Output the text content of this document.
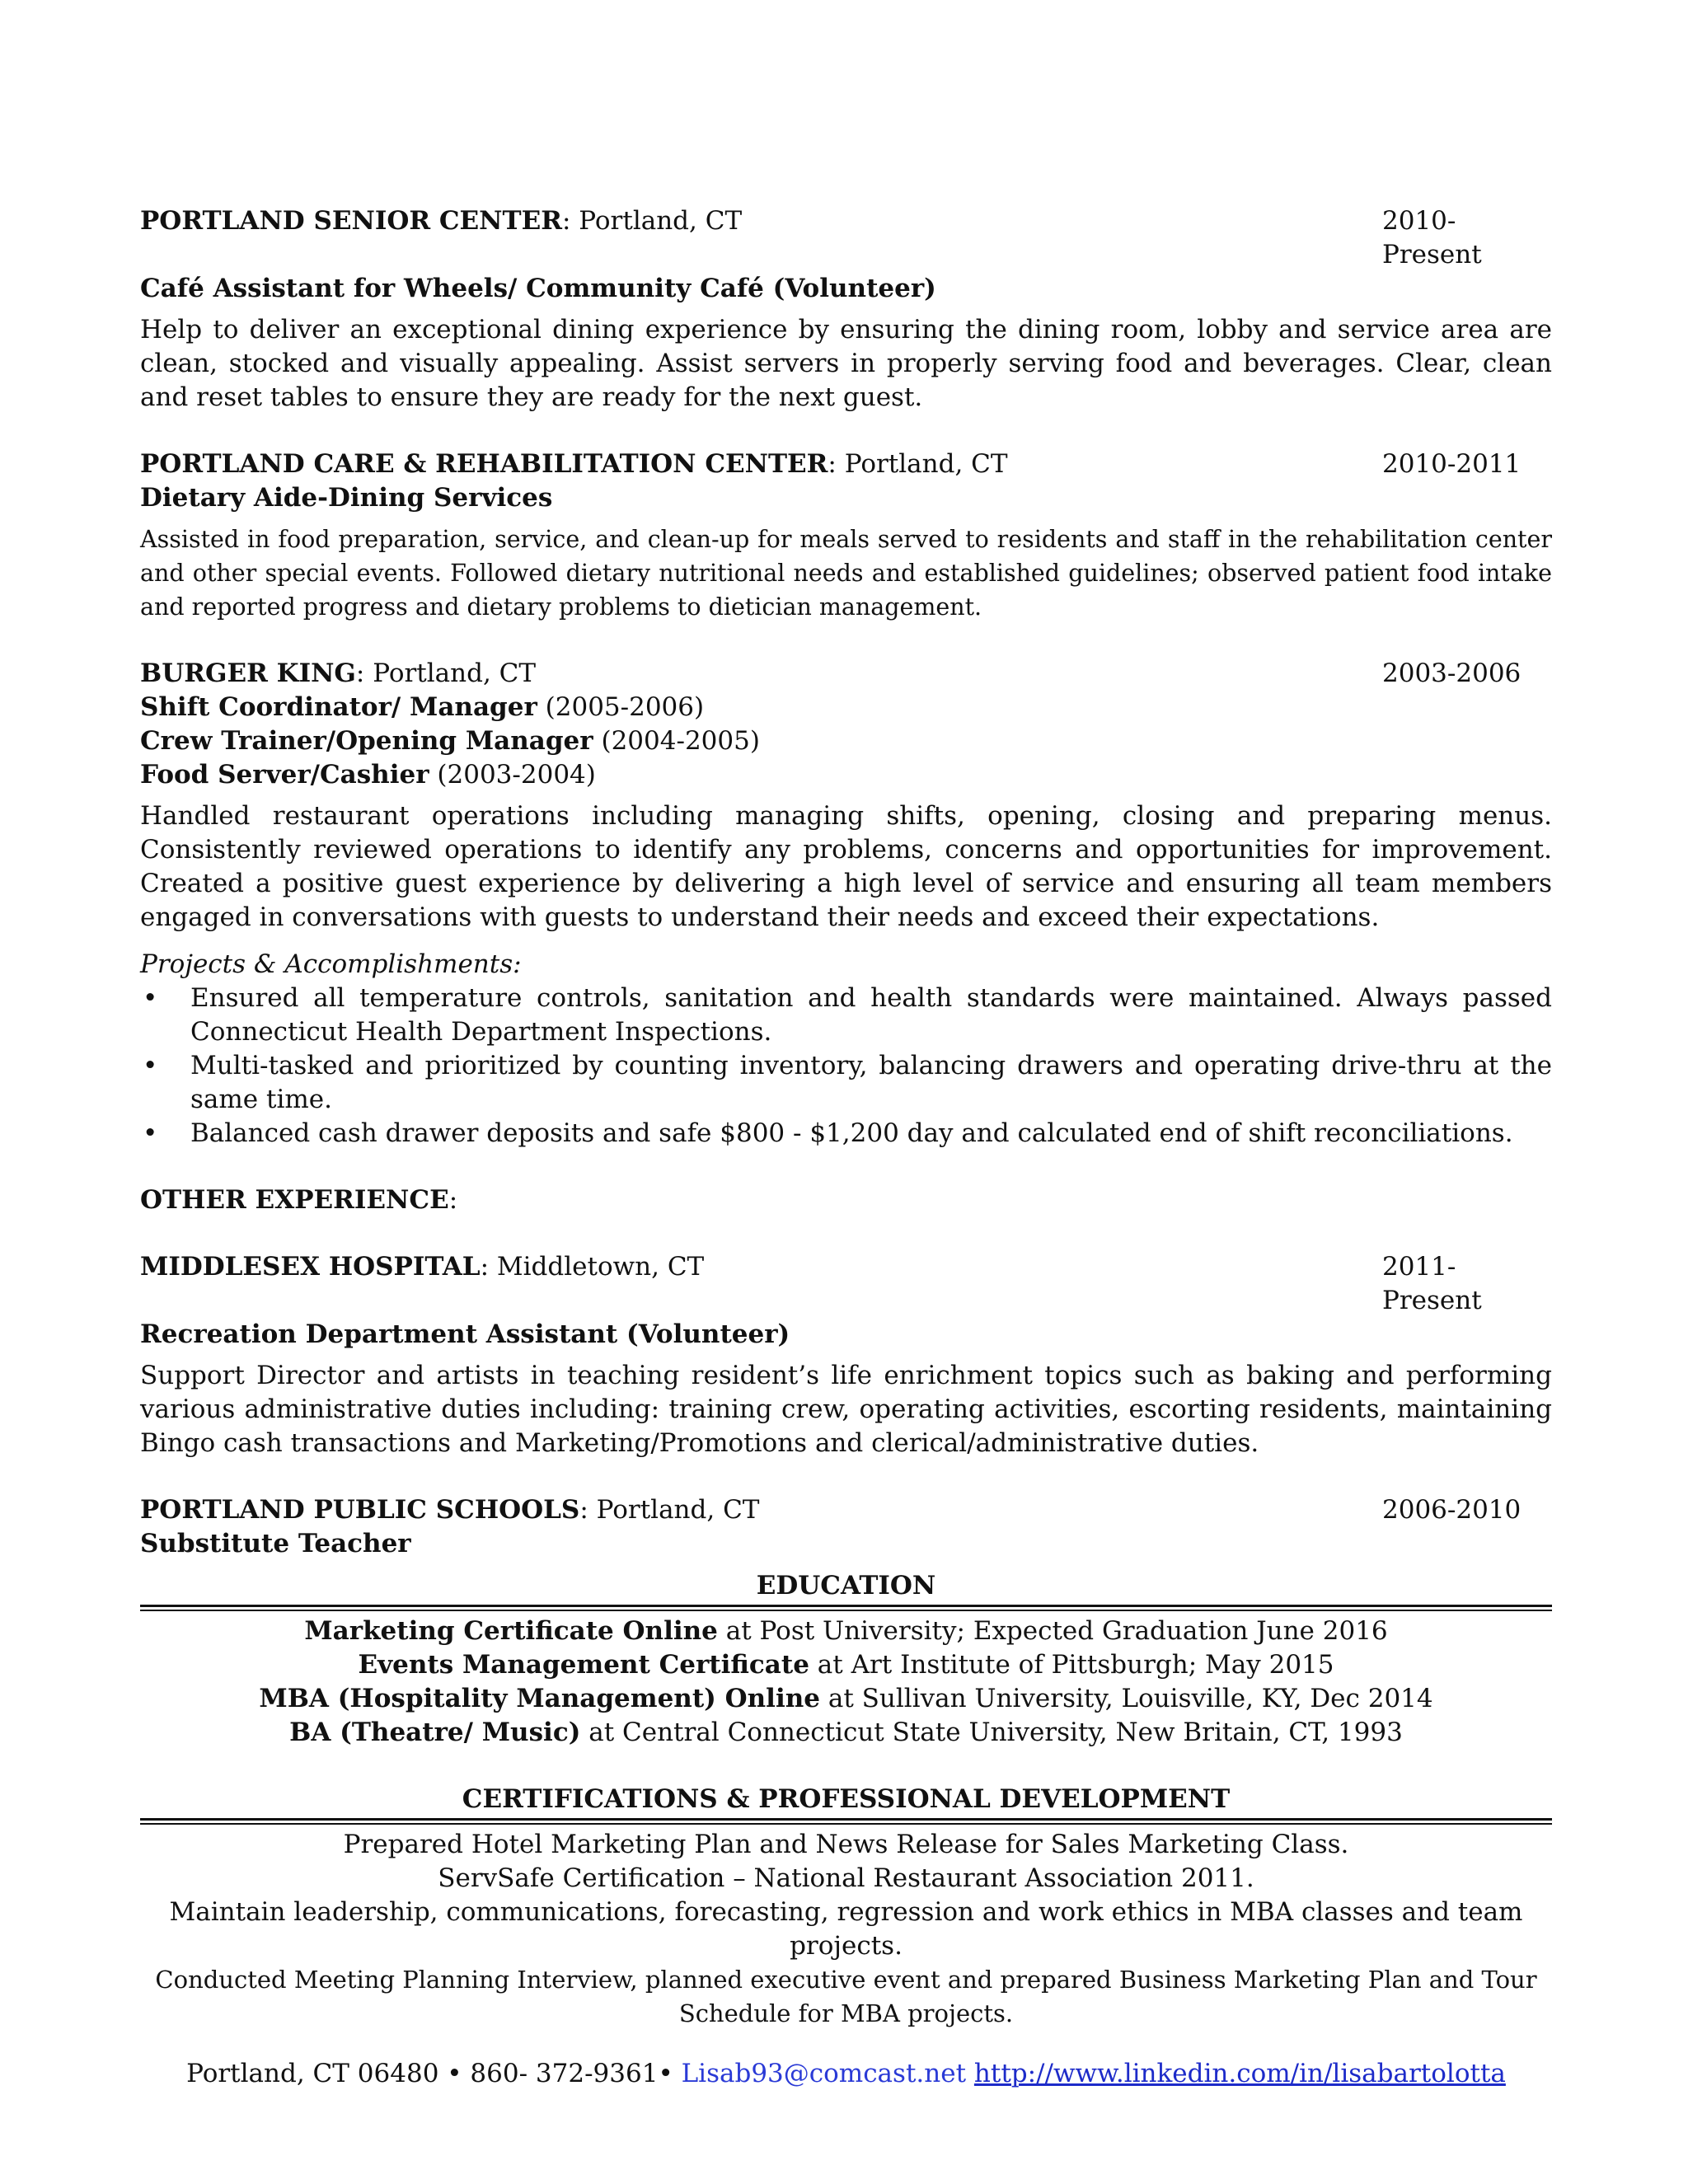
PORTLAND SENIOR CENTER: Portland, CT	2010-Present
Café Assistant for Wheels/ Community Café (Volunteer)
Help to deliver an exceptional dining experience by ensuring the dining room, lobby and service area are clean, stocked and visually appealing. Assist servers in properly serving food and beverages. Clear, clean and reset tables to ensure they are ready for the next guest.
PORTLAND CARE & REHABILITATION CENTER: Portland, CT	2010-2011
Dietary Aide-Dining Services
Assisted in food preparation, service, and clean-up for meals served to residents and staff in the rehabilitation center and other special events. Followed dietary nutritional needs and established guidelines; observed patient food intake and reported progress and dietary problems to dietician management.
BURGER KING: Portland, CT	2003-2006
Shift Coordinator/ Manager (2005-2006)
Crew Trainer/Opening Manager (2004-2005)
Food Server/Cashier (2003-2004)
Handled restaurant operations including managing shifts, opening, closing and preparing menus. Consistently reviewed operations to identify any problems, concerns and opportunities for improvement. Created a positive guest experience by delivering a high level of service and ensuring all team members engaged in conversations with guests to understand their needs and exceed their expectations.
Projects & Accomplishments:
• Ensured all temperature controls, sanitation and health standards were maintained. Always passed Connecticut Health Department Inspections.
• Multi-tasked and prioritized by counting inventory, balancing drawers and operating drive-thru at the same time.
• Balanced cash drawer deposits and safe $800 - $1,200 day and calculated end of shift reconciliations.
OTHER EXPERIENCE:
MIDDLESEX HOSPITAL: Middletown, CT	2011-Present
Recreation Department Assistant (Volunteer)
Support Director and artists in teaching resident’s life enrichment topics such as baking and performing various administrative duties including: training crew, operating activities, escorting residents, maintaining Bingo cash transactions and Marketing/Promotions and clerical/administrative duties.
PORTLAND PUBLIC SCHOOLS: Portland, CT	2006-2010
Substitute Teacher
EDUCATION
Marketing Certificate Online at Post University; Expected Graduation June 2016
Events Management Certificate at Art Institute of Pittsburgh; May 2015
MBA (Hospitality Management) Online at Sullivan University, Louisville, KY, Dec 2014
BA (Theatre/ Music) at Central Connecticut State University, New Britain, CT, 1993
CERTIFICATIONS & PROFESSIONAL DEVELOPMENT
Prepared Hotel Marketing Plan and News Release for Sales Marketing Class.
ServSafe Certification – National Restaurant Association 2011.
Maintain leadership, communications, forecasting, regression and work ethics in MBA classes and team projects.
Conducted Meeting Planning Interview, planned executive event and prepared Business Marketing Plan and Tour Schedule for MBA projects.
Portland, CT 06480 • 860- 372-9361• Lisab93@comcast.net http://www.linkedin.com/in/lisabartolotta
